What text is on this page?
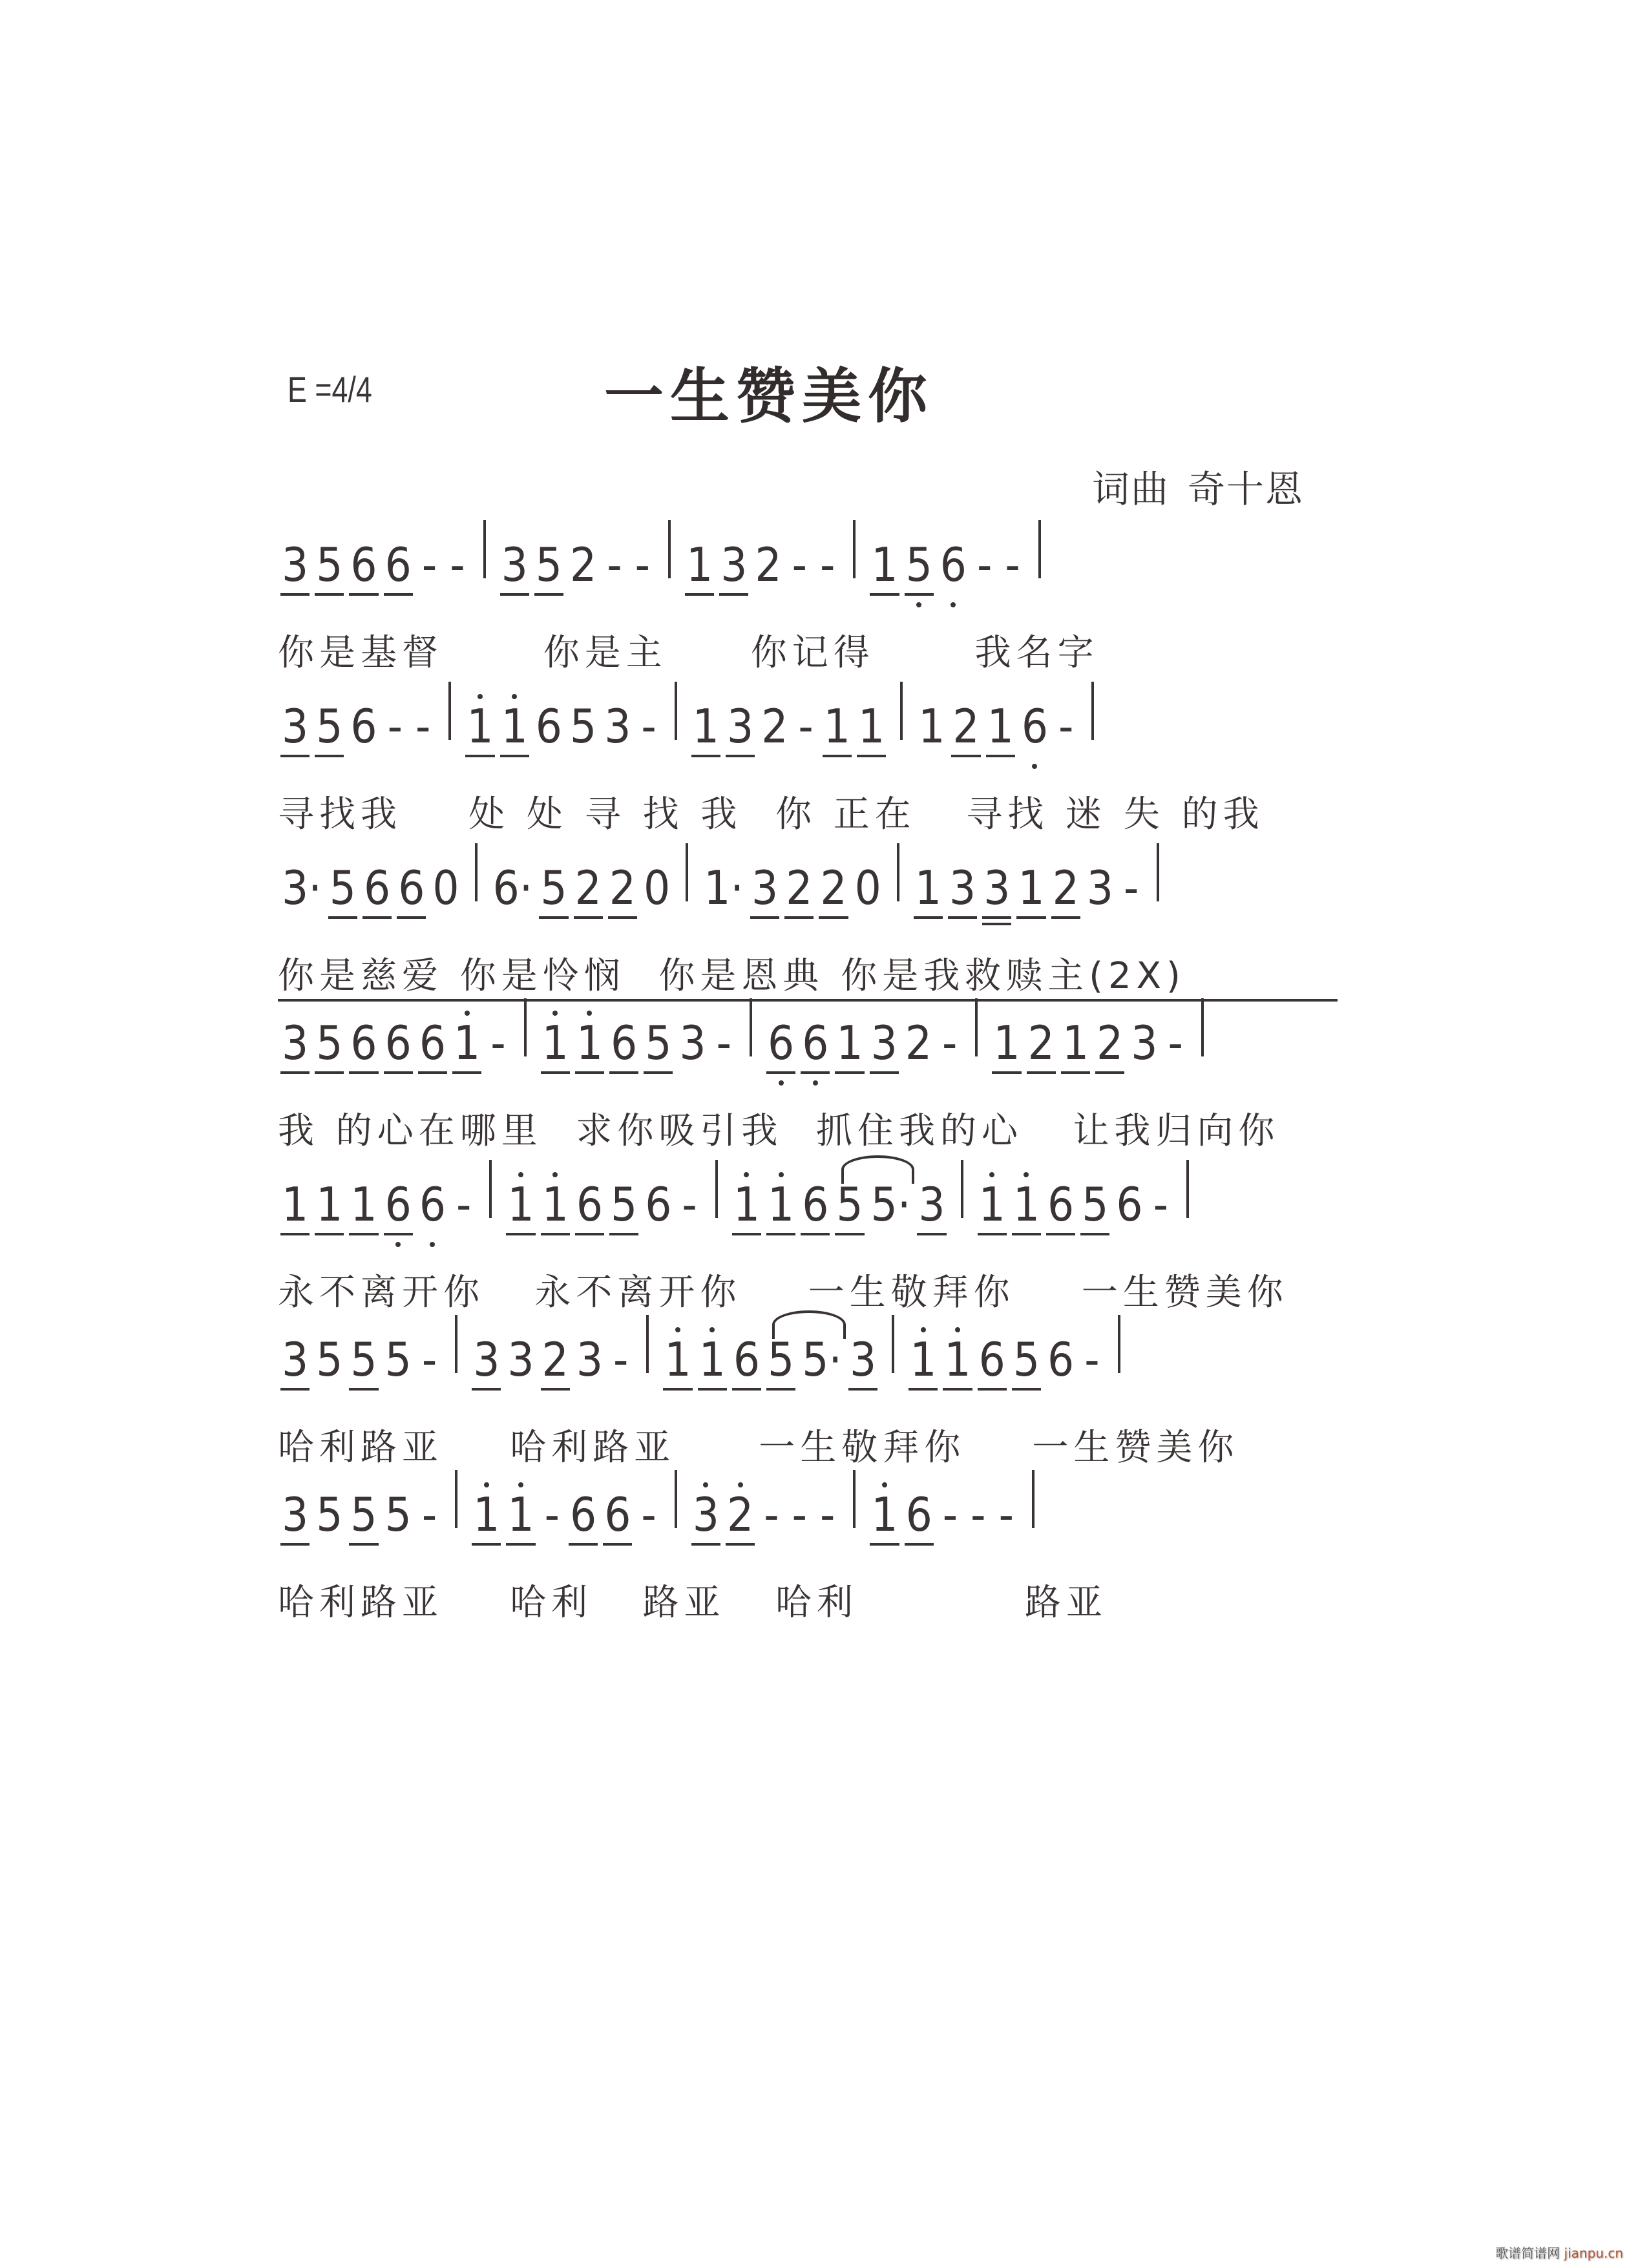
E =4/4	一生赞美你
词曲 奇十恩
3 5 6 6 - - 3 5 2 - - 1 3 2 - - 1 5 6 - -
你是基督      你是主     你记得      我名字
3 5 6 - - 1 1 6 5 3 - 1 3 2 - 1 1 1 2 1 6 -
寻找我    处 处 寻 找 我  你 正在   寻找 迷 失 的我
3· 5 6 6 0 6· 5 2 2 0 1· 3 2 2 0 1 3 3 1 2 3 -
你是慈爱 你是怜悯  你是恩典 你是我救赎主(2X)
3 5 6 6 6 1 - 1 1 6 5 3 - 6 6 1 3 2 - 1 2 1 2 3 -
我 的心在哪里  求你吸引我  抓住我的心   让我归向你
1 1 1 6 6 - 1 1 6 5 6 - 1 1 6 5 5· 3 1 1 6 5 6 -
永不离开你   永不离开你    一生敬拜你    一生赞美你
3 5 5 5 - 3 3 2 3 - 1 1 6 5 5· 3 1 1 6 5 6 -
哈利路亚    哈利路亚     一生敬拜你    一生赞美你
3 5 5 5 - 1 1 - 6 6 - 3 2 - - - 1 6 - - -
哈利路亚    哈利   路亚   哈利          路亚
歌谱简谱网 jianpu.cn
